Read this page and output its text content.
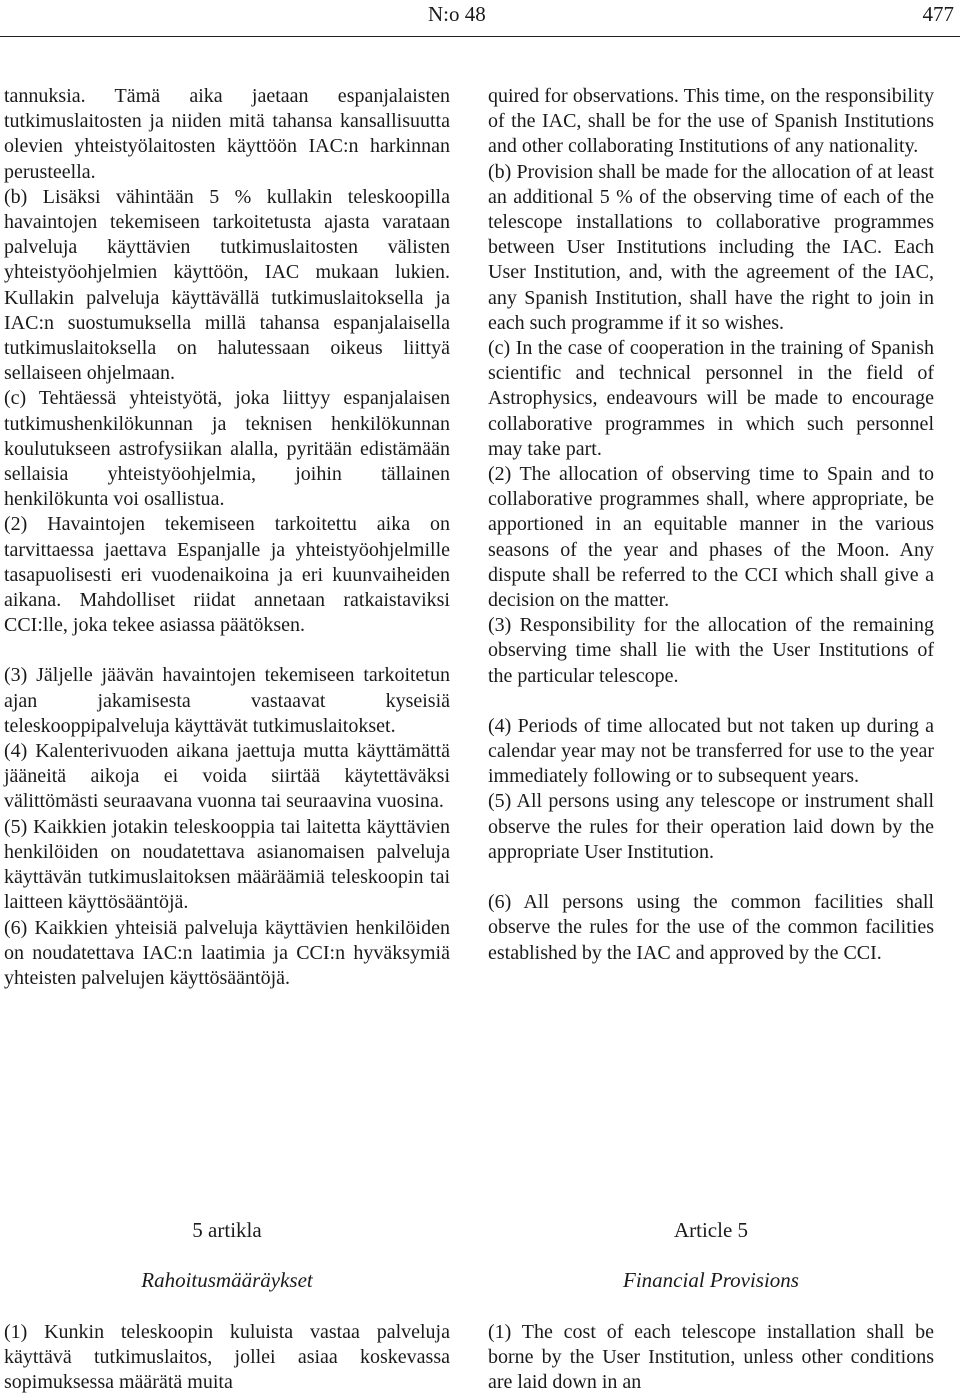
N:o 48	477

tannuksia. Tämä aika jaetaan espanjalaisten tutkimuslaitosten ja niiden mitä tahansa kansallisuutta olevien yhteistyölaitosten käyttöön IAC:n harkinnan perusteella.

(b) Lisäksi vähintään 5 % kullakin teleskoopilla havaintojen tekemiseen tarkoitetusta ajasta varataan palveluja käyttävien tutkimuslaitosten välisten yhteistyöohjelmien käyttöön, IAC mukaan lukien. Kullakin palveluja käyttävällä tutkimuslaitoksella ja IAC:n suostumuksella millä tahansa espanjalaisella tutkimuslaitoksella on halutessaan oikeus liittyä sellaiseen ohjelmaan.

(c) Tehtäessä yhteistyötä, joka liittyy espanjalaisen tutkimushenkilökunnan ja teknisen henkilökunnan koulutukseen astrofysiikan alalla, pyritään edistämään sellaisia yhteistyöohjelmia, joihin tällainen henkilökunta voi osallistua.

(2) Havaintojen tekemiseen tarkoitettu aika on tarvittaessa jaettava Espanjalle ja yhteistyöohjelmille tasapuolisesti eri vuodenaikoina ja eri kuunvaiheiden aikana. Mahdolliset riidat annetaan ratkaistaviksi CCI:lle, joka tekee asiassa päätöksen.

(3) Jäljelle jäävän havaintojen tekemiseen tarkoitetun ajan jakamisesta vastaavat kyseisiä teleskooppipalveluja käyttävät tutkimuslaitokset.

(4) Kalenterivuoden aikana jaettuja mutta käyttämättä jääneitä aikoja ei voida siirtää käytettäväksi välittömästi seuraavana vuonna tai seuraavina vuosina.

(5) Kaikkien jotakin teleskooppia tai laitetta käyttävien henkilöiden on noudatettava asianomaisen palveluja käyttävän tutkimuslaitoksen määräämiä teleskoopin tai laitteen käyttösääntöjä.

(6) Kaikkien yhteisiä palveluja käyttävien henkilöiden on noudatettava IAC:n laatimia ja CCI:n hyväksymiä yhteisten palvelujen käyttösääntöjä.

quired for observations. This time, on the responsibility of the IAC, shall be for the use of Spanish Institutions and other collaborating Institutions of any nationality.

(b) Provision shall be made for the allocation of at least an additional 5 % of the observing time of each of the telescope installations to collaborative programmes between User Institutions including the IAC. Each User Institution, and, with the agreement of the IAC, any Spanish Institution, shall have the right to join in each such programme if it so wishes.

(c) In the case of cooperation in the training of Spanish scientific and technical personnel in the field of Astrophysics, endeavours will be made to encourage collaborative programmes in which such personnel may take part.

(2) The allocation of observing time to Spain and to collaborative programmes shall, where appropriate, be apportioned in an equitable manner in the various seasons of the year and phases of the Moon. Any dispute shall be referred to the CCI which shall give a decision on the matter.

(3) Responsibility for the allocation of the remaining observing time shall lie with the User Institutions of the particular telescope.

(4) Periods of time allocated but not taken up during a calendar year may not be transferred for use to the year immediately following or to subsequent years.

(5) All persons using any telescope or instrument shall observe the rules for their operation laid down by the appropriate User Institution.

(6) All persons using the common facilities shall observe the rules for the use of the common facilities established by the IAC and approved by the CCI.

5 artikla	Article 5
Rahoitusmääräykset	Financial Provisions

(1) Kunkin teleskoopin kuluista vastaa palveluja käyttävä tutkimuslaitos, jollei asiaa koskevassa sopimuksessa määrätä muita

(1) The cost of each telescope installation shall be borne by the User Institution, unless other conditions are laid down in an
